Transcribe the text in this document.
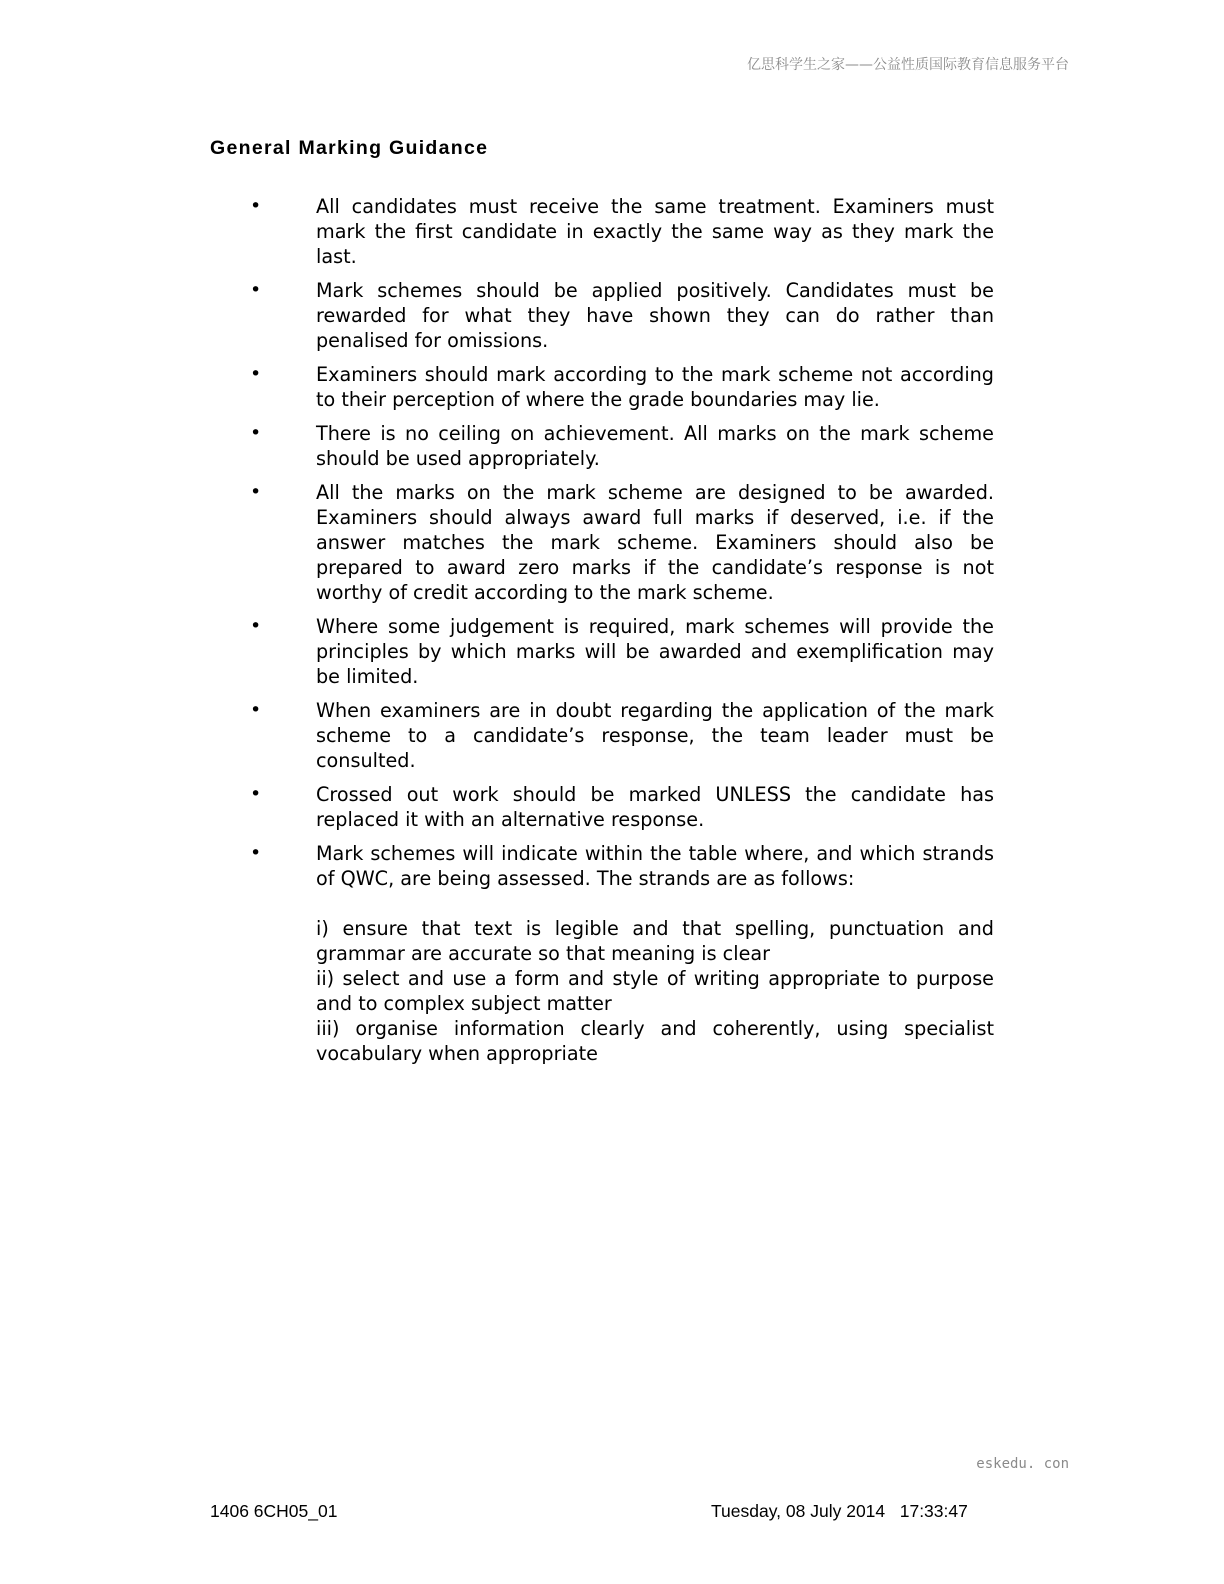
亿思科学生之家——公益性质国际教育信息服务平台
General Marking Guidance
•	All candidates must receive the same treatment. Examiners must mark the first candidate in exactly the same way as they mark the last.
•	Mark schemes should be applied positively. Candidates must be rewarded for what they have shown they can do rather than penalised for omissions.
•	Examiners should mark according to the mark scheme not according to their perception of where the grade boundaries may lie.
•	There is no ceiling on achievement. All marks on the mark scheme should be used appropriately.
•	All the marks on the mark scheme are designed to be awarded. Examiners should always award full marks if deserved, i.e. if the answer matches the mark scheme. Examiners should also be prepared to award zero marks if the candidate’s response is not worthy of credit according to the mark scheme.
•	Where some judgement is required, mark schemes will provide the principles by which marks will be awarded and exemplification may be limited.
•	When examiners are in doubt regarding the application of the mark scheme to a candidate’s response, the team leader must be consulted.
•	Crossed out work should be marked UNLESS the candidate has replaced it with an alternative response.
•	Mark schemes will indicate within the table where, and which strands of QWC, are being assessed. The strands are as follows:
i) ensure that text is legible and that spelling, punctuation and grammar are accurate so that meaning is clear
ii) select and use a form and style of writing appropriate to purpose and to complex subject matter
iii) organise information clearly and coherently, using specialist vocabulary when appropriate
eskedu. con
1406 6CH05_01	Tuesday, 08 July 2014   17:33:47
